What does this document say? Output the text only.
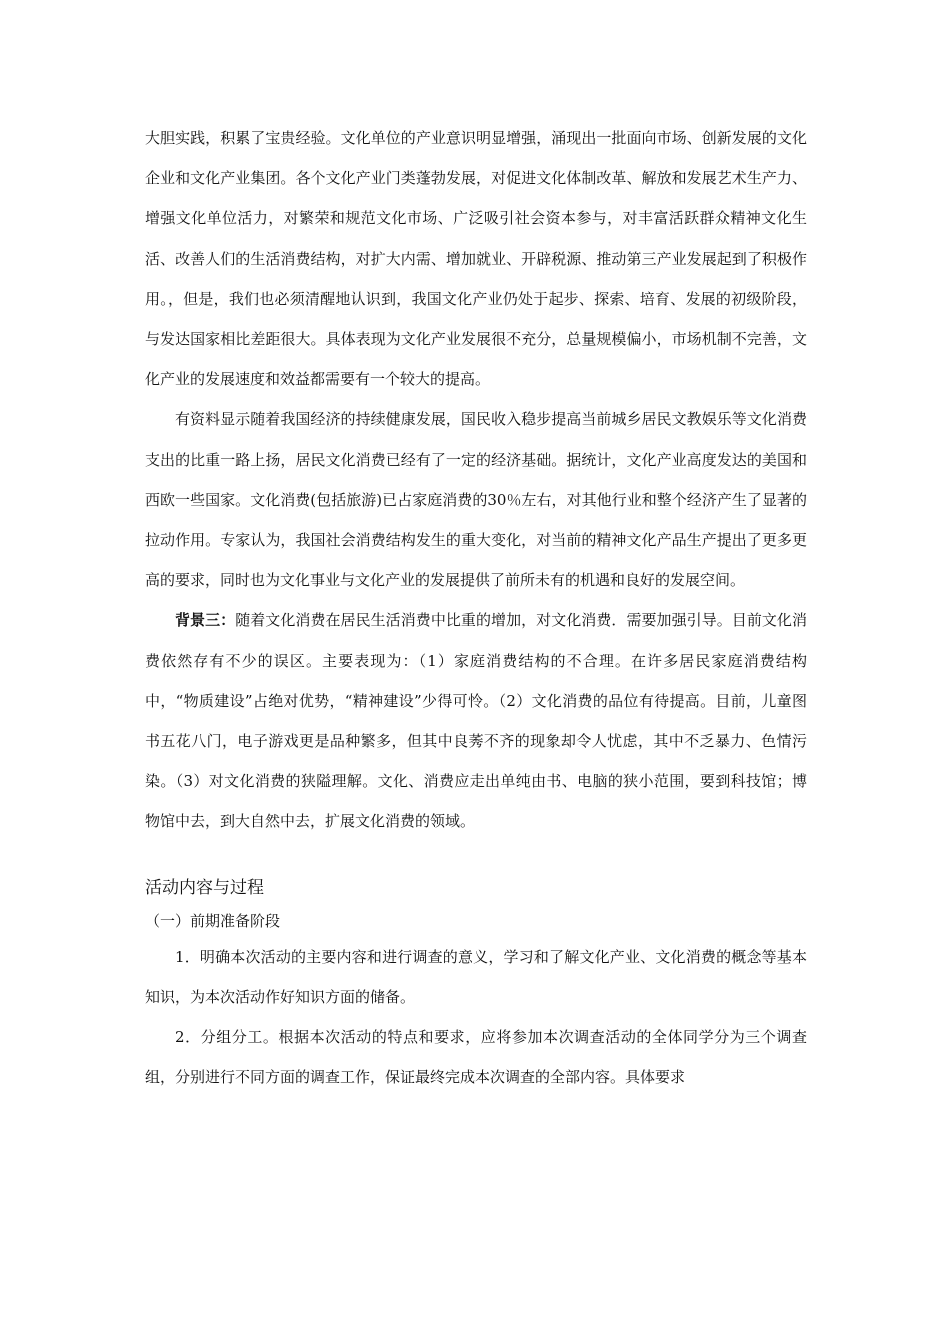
大胆实践，积累了宝贵经验。文化单位的产业意识明显增强，涌现出一批面向市场、创新发展的文化企业和文化产业集团。各个文化产业门类蓬勃发展，对促进文化体制改革、解放和发展艺术生产力、增强文化单位活力，对繁荣和规范文化市场、广泛吸引社会资本参与，对丰富活跃群众精神文化生活、改善人们的生活消费结构，对扩大内需、增加就业、开辟税源、推动第三产业发展起到了积极作用。，但是，我们也必须清醒地认识到，我国文化产业仍处于起步、探索、培育、发展的初级阶段，与发达国家相比差距很大。具体表现为文化产业发展很不充分，总量规模偏小，市场机制不完善，文化产业的发展速度和效益都需要有一个较大的提高。

有资料显示随着我国经济的持续健康发展，国民收入稳步提高当前城乡居民文教娱乐等文化消费支出的比重一路上扬，居民文化消费已经有了一定的经济基础。据统计，文化产业高度发达的美国和西欧一些国家。文化消费(包括旅游)已占家庭消费的30％左右，对其他行业和整个经济产生了显著的拉动作用。专家认为，我国社会消费结构发生的重大变化，对当前的精神文化产品生产提出了更多更高的要求，同时也为文化事业与文化产业的发展提供了前所未有的机遇和良好的发展空间。

背景三：随着文化消费在居民生活消费中比重的增加，对文化消费．需要加强引导。目前文化消费依然存有不少的误区。主要表现为：（1）家庭消费结构的不合理。在许多居民家庭消费结构中，“物质建设”占绝对优势，“精神建设”少得可怜。（2）文化消费的品位有待提高。目前，儿童图书五花八门，电子游戏更是品种繁多，但其中良莠不齐的现象却令人忧虑，其中不乏暴力、色情污染。（3）对文化消费的狭隘理解。文化、消费应走出单纯由书、电脑的狭小范围，要到科技馆；博物馆中去，到大自然中去，扩展文化消费的领域。

活动内容与过程

（一）前期准备阶段

1．明确本次活动的主要内容和进行调查的意义，学习和了解文化产业、文化消费的概念等基本知识，为本次活动作好知识方面的储备。

2．分组分工。根据本次活动的特点和要求，应将参加本次调查活动的全体同学分为三个调查组，分别进行不同方面的调查工作，保证最终完成本次调查的全部内容。具体要求
